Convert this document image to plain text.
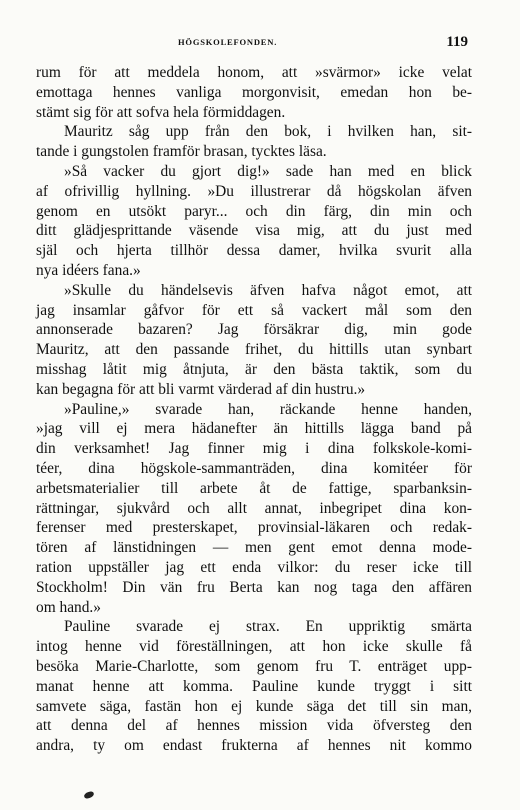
HÖGSKOLEFONDEN.	119
rum för att meddela honom, att »svärmor» icke velat
emottaga hennes vanliga morgonvisit, emedan hon be-
stämt sig för att sofva hela förmiddagen.
Mauritz såg upp från den bok, i hvilken han, sit-
tande i gungstolen framför brasan, tycktes läsa.
»Så vacker du gjort dig!» sade han med en blick
af ofrivillig hyllning. »Du illustrerar då högskolan äfven
genom en utsökt paryr... och din färg, din min och
ditt glädjesprittande väsende visa mig, att du just med
själ och hjerta tillhör dessa damer, hvilka svurit alla
nya idéers fana.»
»Skulle du händelsevis äfven hafva något emot, att
jag insamlar gåfvor för ett så vackert mål som den
annonserade bazaren? Jag försäkrar dig, min gode
Mauritz, att den passande frihet, du hittills utan synbart
misshag låtit mig åtnjuta, är den bästa taktik, som du
kan begagna för att bli varmt värderad af din hustru.»
»Pauline,» svarade han, räckande henne handen,
»jag vill ej mera hädanefter än hittills lägga band på
din verksamhet! Jag finner mig i dina folkskole-komi-
téer, dina högskole-sammanträden, dina komitéer för
arbetsmaterialier till arbete åt de fattige, sparbanksin-
rättningar, sjukvård och allt annat, inbegripet dina kon-
ferenser med presterskapet, provinsial-läkaren och redak-
tören af länstidningen — men gent emot denna mode-
ration uppställer jag ett enda vilkor: du reser icke till
Stockholm! Din vän fru Berta kan nog taga den affären
om hand.»
Pauline svarade ej strax. En uppriktig smärta
intog henne vid föreställningen, att hon icke skulle få
besöka Marie-Charlotte, som genom fru T. enträget upp-
manat henne att komma. Pauline kunde tryggt i sitt
samvete säga, fastän hon ej kunde säga det till sin man,
att denna del af hennes mission vida öfversteg den
andra, ty om endast frukterna af hennes nit kommo
